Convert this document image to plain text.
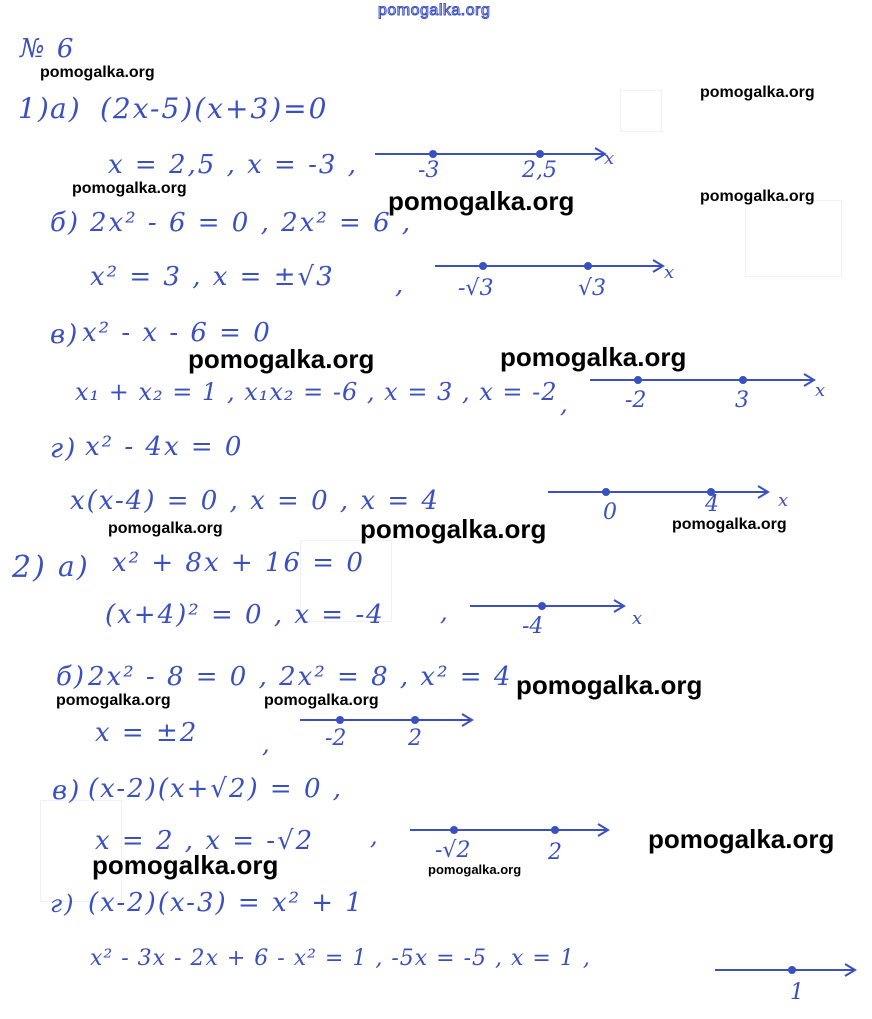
pomogalka.org
№ 6
1) а) (2x-5)(x+3)=0
x = 2,5 , x = -3 ,	-3	2,5	x
б) 2x² - 6 = 0 , 2x² = 6 ,
x² = 3 , x = ±√3 , -√3	√3
x
в) x² - x - 6 = 0
x₁ + x₂ = 1 , x₁x₂ = -6 , x = 3 , x = -2 ,	-2	3	x
г) x² - 4x = 0
x(x-4) = 0 , x = 0 , x = 4	0	4	x
2) а) x² + 8x + 16 = 0
(x+4)² = 0 , x = -4 ,
-4	x
б) 2x² - 8 = 0 , 2x² = 8 , x² = 4
x = ±2	, -2	2
в) (x-2)(x+√2) = 0 ,
x = 2 , x = -√2 ,
-√2	2
г) (x-2)(x-3) = x² + 1
x² - 3x - 2x + 6 - x² = 1 , -5x = -5 , x = 1 ,
1
pomogalka.org
pomogalka.org
pomogalka.org	pomogalka.org	pomogalka.org
pomogalka.org	pomogalka.org
pomogalka.org	pomogalka.org	pomogalka.org
pomogalka.org
pomogalka.org	pomogalka.org
pomogalka.org
pomogalka.org	pomogalka.org
